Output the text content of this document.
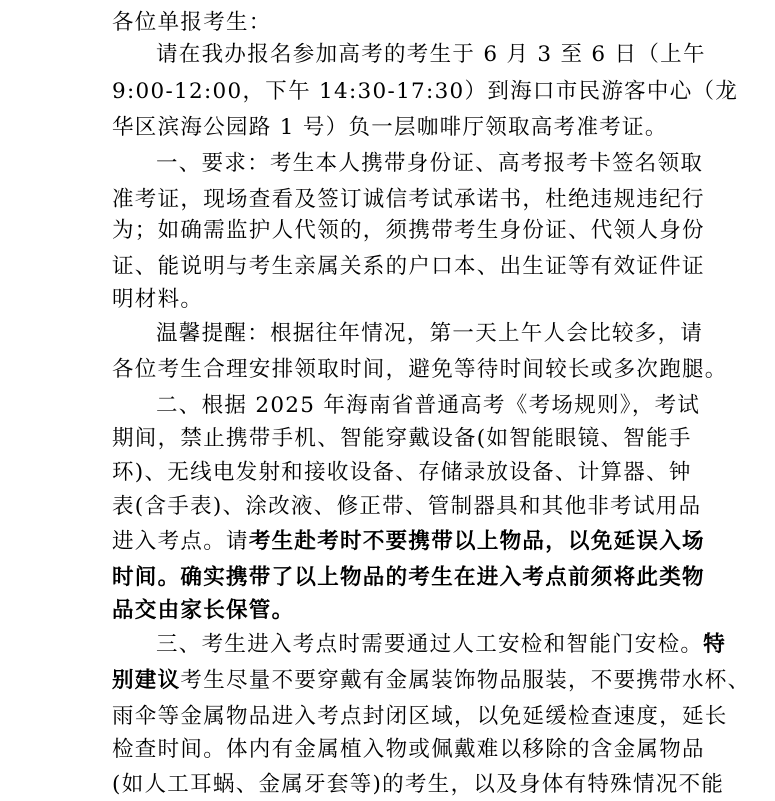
各位单报考生：
请在我办报名参加高考的考生于 6 月 3 至 6 日（上午
9:00-12:00，下午 14:30-17:30）到海口市民游客中心（龙
华区滨海公园路 1 号）负一层咖啡厅领取高考准考证。
一、要求：考生本人携带身份证、高考报考卡签名领取
准考证，现场查看及签订诚信考试承诺书，杜绝违规违纪行
为；如确需监护人代领的，须携带考生身份证、代领人身份
证、能说明与考生亲属关系的户口本、出生证等有效证件证
明材料。
温馨提醒：根据往年情况，第一天上午人会比较多，请
各位考生合理安排领取时间，避免等待时间较长或多次跑腿。
二、根据 2025 年海南省普通高考《考场规则》，考试
期间，禁止携带手机、智能穿戴设备(如智能眼镜、智能手
环)、无线电发射和接收设备、存储录放设备、计算器、钟
表(含手表)、涂改液、修正带、管制器具和其他非考试用品
进入考点。请考生赴考时不要携带以上物品，以免延误入场
时间。确实携带了以上物品的考生在进入考点前须将此类物
品交由家长保管。
三、考生进入考点时需要通过人工安检和智能门安检。特
别建议考生尽量不要穿戴有金属装饰物品服装，不要携带水杯、
雨伞等金属物品进入考点封闭区域，以免延缓检查速度，延长
检查时间。体内有金属植入物或佩戴难以移除的含金属物品
(如人工耳蜗、金属牙套等)的考生，以及身体有特殊情况不能
